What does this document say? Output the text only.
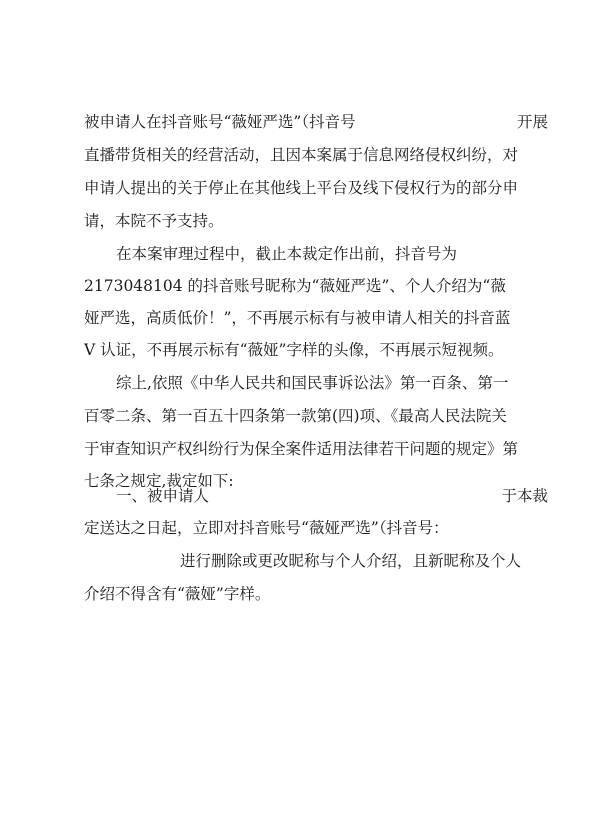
被申请人在抖音账号“薇娅严选”（抖音号	开展
直播带货相关的经营活动，且因本案属于信息网络侵权纠纷，对
申请人提出的关于停止在其他线上平台及线下侵权行为的部分申
请，本院不予支持。
在本案审理过程中，截止本裁定作出前，抖音号为
2173048104 的抖音账号昵称为“薇娅严选”、个人介绍为“薇
娅严选，高质低价！”，不再展示标有与被申请人相关的抖音蓝
V 认证，不再展示标有“薇娅”字样的头像，不再展示短视频。
综上,依照《中华人民共和国民事诉讼法》第一百条、第一
百零二条、第一百五十四条第一款第(四)项、《最高人民法院关
于审查知识产权纠纷行为保全案件适用法律若干问题的规定》第
七条之规定,裁定如下:
一、被申请人	于本裁
定送达之日起，立即对抖音账号“薇娅严选”（抖音号：
进行删除或更改昵称与个人介绍，且新昵称及个人
介绍不得含有“薇娅”字样。
